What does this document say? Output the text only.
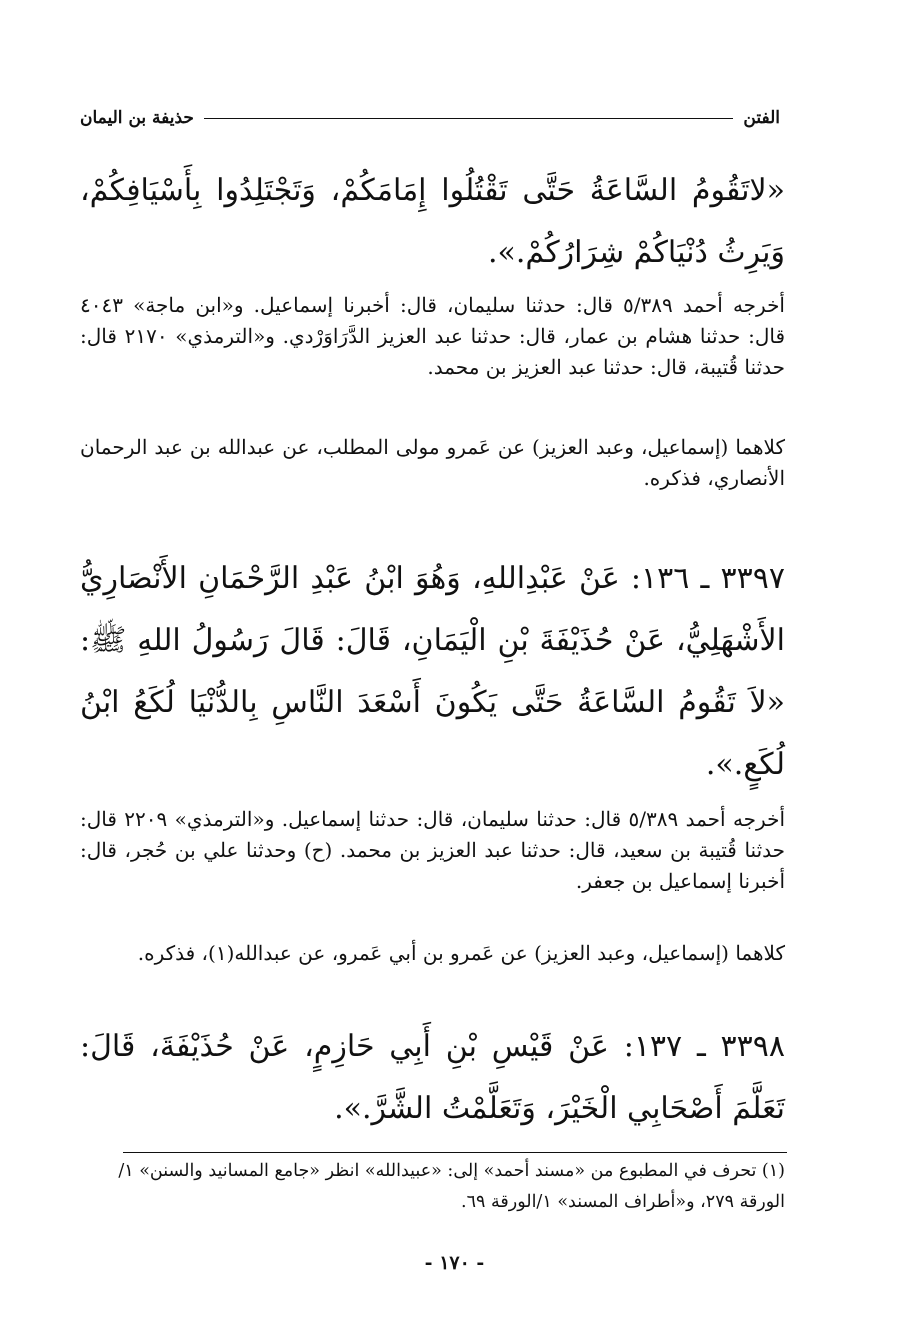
الفتن
حذيفة بن اليمان
«لاتَقُومُ السَّاعَةُ حَتَّى تَقْتُلُوا إِمَامَكُمْ، وَتَجْتَلِدُوا بِأَسْيَافِكُمْ، وَيَرِثُ دُنْيَاكُمْ شِرَارُكُمْ.».
أخرجه أحمد ٥/٣٨٩ قال: حدثنا سليمان، قال: أخبرنا إسماعيل. و«ابن ماجة» ٤٠٤٣ قال: حدثنا هشام بن عمار، قال: حدثنا عبد العزيز الدَّرَاوَرْدي. و«الترمذي» ٢١٧٠ قال: حدثنا قُتيبة، قال: حدثنا عبد العزيز بن محمد.
كلاهما (إسماعيل، وعبد العزيز) عن عَمرو مولى المطلب، عن عبدالله بن عبد الرحمان الأنصاري، فذكره.
٣٣٩٧ ـ ١٣٦: عَنْ عَبْدِاللهِ، وَهُوَ ابْنُ عَبْدِ الرَّحْمَانِ الأَنْصَارِيُّ الأَشْهَلِيُّ، عَنْ حُذَيْفَةَ بْنِ الْيَمَانِ، قَالَ: قَالَ رَسُولُ اللهِ ﷺ: «لاَ تَقُومُ السَّاعَةُ حَتَّى يَكُونَ أَسْعَدَ النَّاسِ بِالدُّنْيَا لُكَعُ ابْنُ لُكَعٍ.».
أخرجه أحمد ٥/٣٨٩ قال: حدثنا سليمان، قال: حدثنا إسماعيل. و«الترمذي» ٢٢٠٩ قال: حدثنا قُتيبة بن سعيد، قال: حدثنا عبد العزيز بن محمد. (ح) وحدثنا علي بن حُجر، قال: أخبرنا إسماعيل بن جعفر.
كلاهما (إسماعيل، وعبد العزيز) عن عَمرو بن أبي عَمرو، عن عبدالله(١)، فذكره.
٣٣٩٨ ـ ١٣٧: عَنْ قَيْسِ بْنِ أَبِي حَازِمٍ، عَنْ حُذَيْفَةَ، قَالَ: تَعَلَّمَ أَصْحَابِي الْخَيْرَ، وَتَعَلَّمْتُ الشَّرَّ.».
(١) تحرف في المطبوع من «مسند أحمد» إلى: «عبيدالله» انظر «جامع المسانيد والسنن» ١/الورقة ٢٧٩، و«أطراف المسند» ١/الورقة ٦٩.
- ١٧٠ -
